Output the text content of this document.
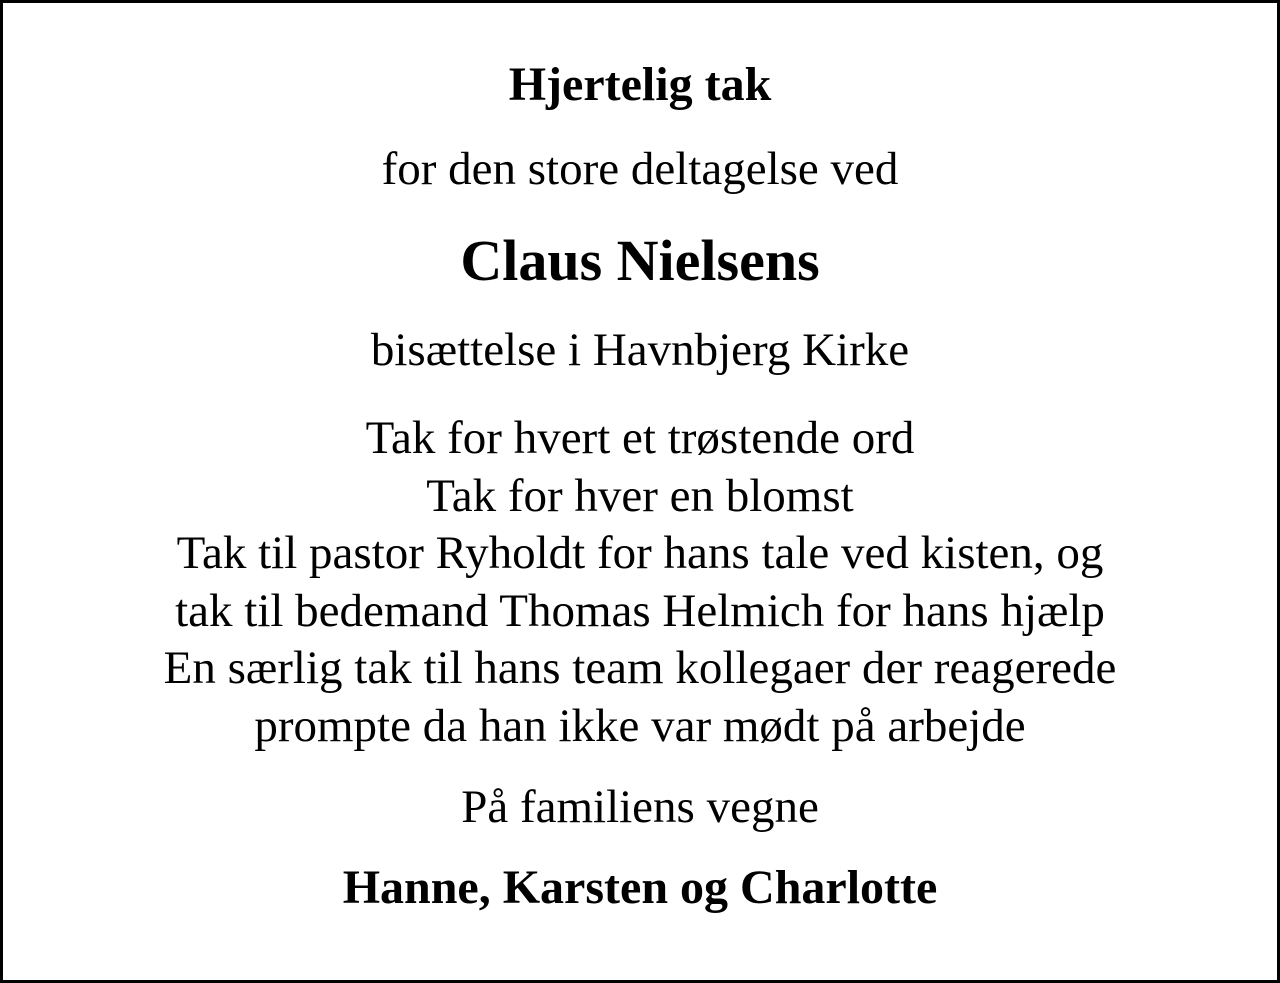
Hjertelig tak
for den store deltagelse ved
Claus Nielsens
bisættelse i Havnbjerg Kirke
Tak for hvert et trøstende ord
Tak for hver en blomst
Tak til pastor Ryholdt for hans tale ved kisten, og
tak til bedemand Thomas Helmich for hans hjælp
En særlig tak til hans team kollegaer der reagerede
prompte da han ikke var mødt på arbejde
På familiens vegne
Hanne, Karsten og Charlotte
